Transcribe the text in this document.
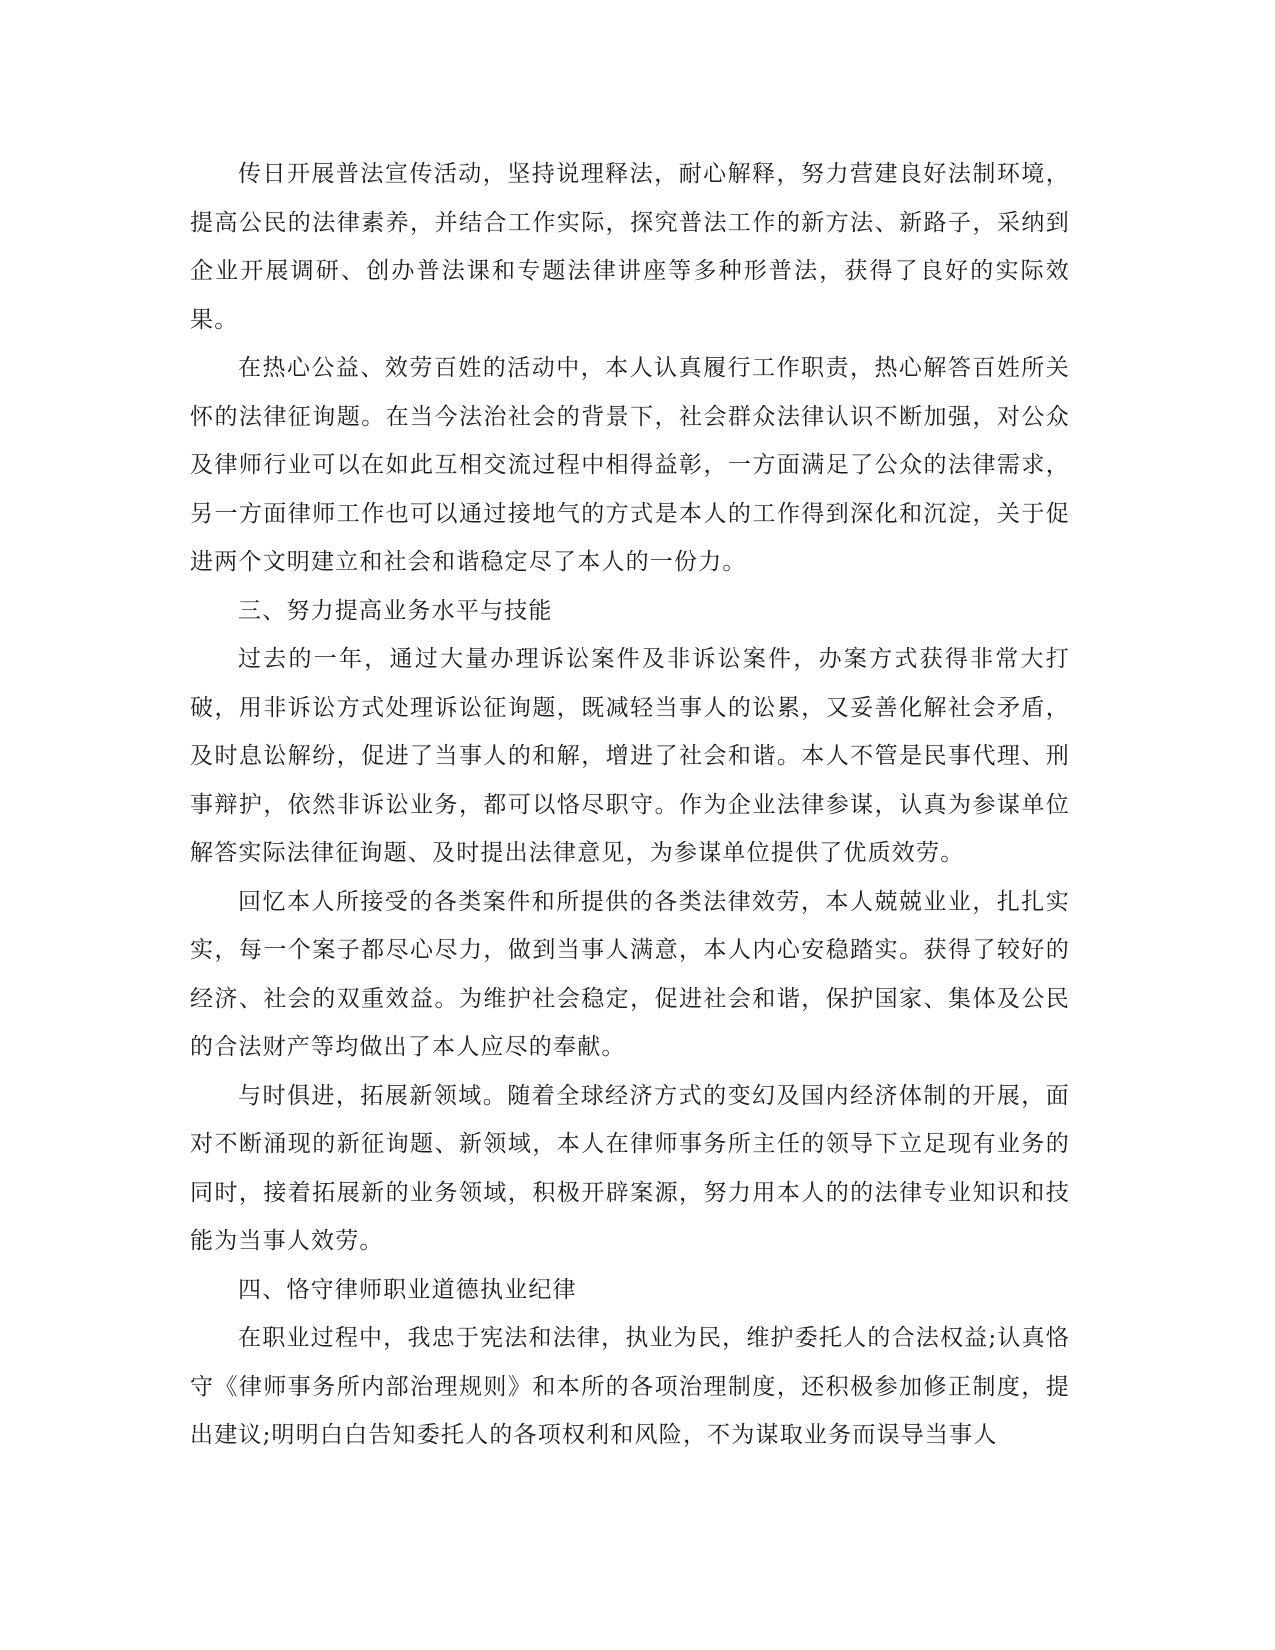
传日开展普法宣传活动，坚持说理释法，耐心解释，努力营建良好法制环境，提高公民的法律素养，并结合工作实际，探究普法工作的新方法、新路子，采纳到企业开展调研、创办普法课和专题法律讲座等多种形普法，获得了良好的实际效果。

在热心公益、效劳百姓的活动中，本人认真履行工作职责，热心解答百姓所关怀的法律征询题。在当今法治社会的背景下，社会群众法律认识不断加强，对公众及律师行业可以在如此互相交流过程中相得益彰，一方面满足了公众的法律需求，另一方面律师工作也可以通过接地气的方式是本人的工作得到深化和沉淀，关于促进两个文明建立和社会和谐稳定尽了本人的一份力。

三、努力提高业务水平与技能

过去的一年，通过大量办理诉讼案件及非诉讼案件，办案方式获得非常大打破，用非诉讼方式处理诉讼征询题，既减轻当事人的讼累，又妥善化解社会矛盾，及时息讼解纷，促进了当事人的和解，增进了社会和谐。本人不管是民事代理、刑事辩护，依然非诉讼业务，都可以恪尽职守。作为企业法律参谋，认真为参谋单位解答实际法律征询题、及时提出法律意见，为参谋单位提供了优质效劳。

回忆本人所接受的各类案件和所提供的各类法律效劳，本人兢兢业业，扎扎实实，每一个案子都尽心尽力，做到当事人满意，本人内心安稳踏实。获得了较好的经济、社会的双重效益。为维护社会稳定，促进社会和谐，保护国家、集体及公民的合法财产等均做出了本人应尽的奉献。

与时俱进，拓展新领域。随着全球经济方式的变幻及国内经济体制的开展，面对不断涌现的新征询题、新领域，本人在律师事务所主任的领导下立足现有业务的同时，接着拓展新的业务领域，积极开辟案源，努力用本人的的法律专业知识和技能为当事人效劳。

四、恪守律师职业道德执业纪律

在职业过程中，我忠于宪法和法律，执业为民，维护委托人的合法权益;认真恪守《律师事务所内部治理规则》和本所的各项治理制度，还积极参加修正制度，提出建议;明明白白告知委托人的各项权利和风险，不为谋取业务而误导当事人
